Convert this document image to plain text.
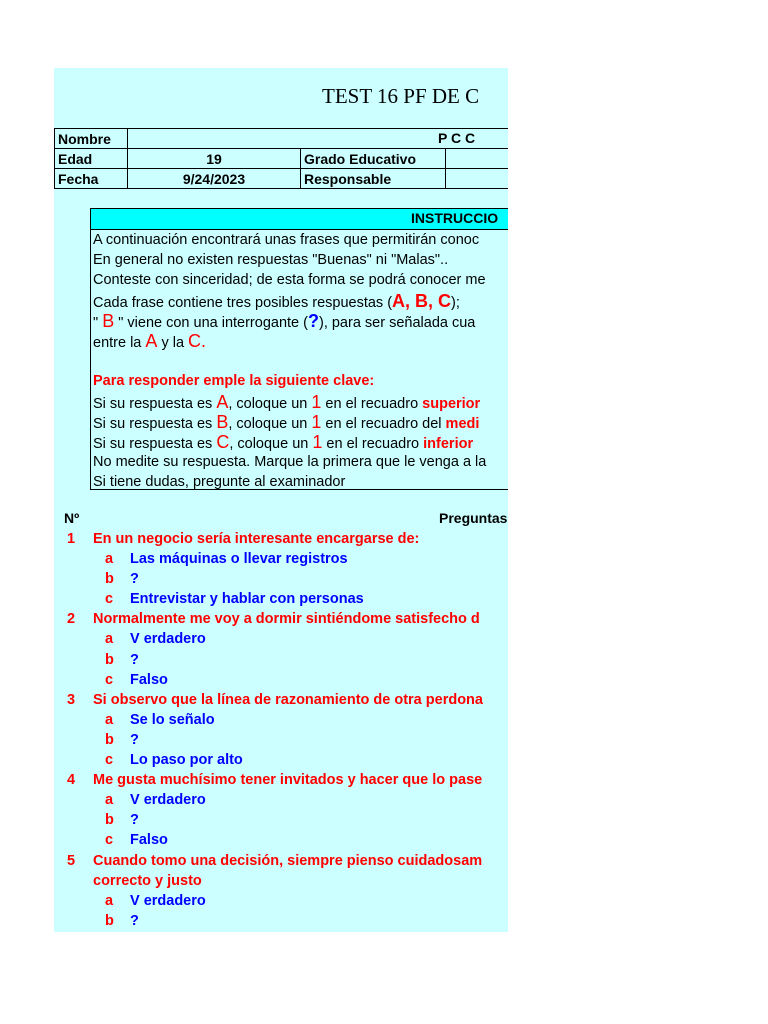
TEST 16 PF DE C
Nombre	P C C		

Edad	19	Grado Educativo	
Fecha	9/24/2023	Responsable	
INSTRUCCIO
A continuación encontrará unas frases que permitirán conoc
En general no existen respuestas "Buenas" ni "Malas"..
Conteste con sinceridad; de esta forma se podrá conocer me
Cada frase contiene tres posibles respuestas (A, B, C);
" B " viene con una interrogante (?), para ser señalada cua
entre la A y la C.
Para responder emple la siguiente clave:
Si su respuesta es A, coloque un 1 en el recuadro superior
Si su respuesta es B, coloque un 1 en el recuadro del medi
Si su respuesta es C, coloque un 1 en el recuadro inferior
No medite su respuesta. Marque la primera que le venga a la
Si tiene dudas, pregunte al examinador
Nº	Preguntas
1 En un negocio sería interesante encargarse de:
a Las máquinas o llevar registros
b ?
c Entrevistar y hablar con personas
2 Normalmente me voy a dormir sintiéndome satisfecho d
a V erdadero
b ?
c Falso
3 Si observo que la línea de razonamiento de otra perdona
a Se lo señalo
b ?
c Lo paso por alto
4 Me gusta muchísimo tener invitados y hacer que lo pase
a V erdadero
b ?
c Falso
5 Cuando tomo una decisión, siempre pienso cuidadosam
correcto y justo
a V erdadero
b ?
